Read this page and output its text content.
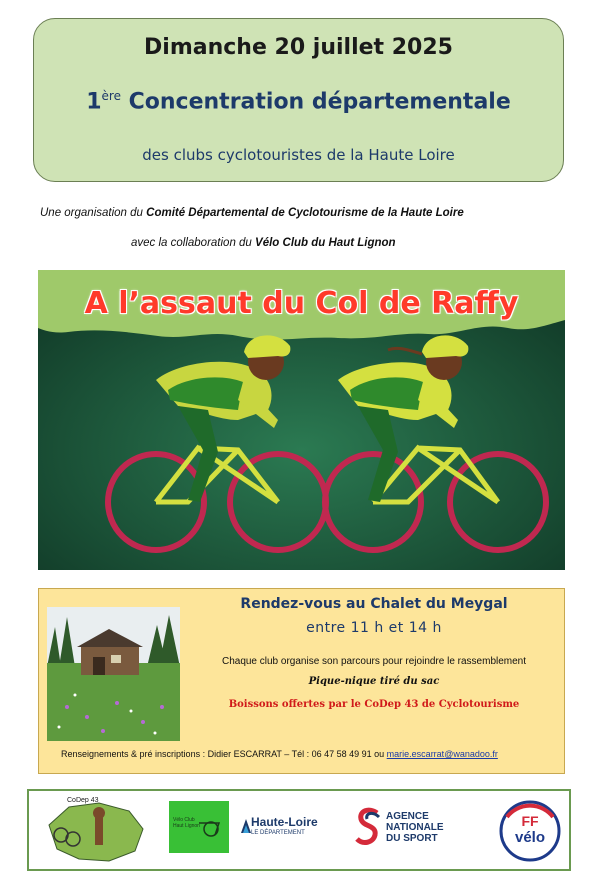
Dimanche 20 juillet 2025
1ère Concentration départementale
des clubs cyclotouristes de la Haute Loire
Une organisation du Comité Départemental de Cyclotourisme de la Haute Loire
avec la collaboration du Vélo Club du Haut Lignon
A l’assaut du Col de Raffy
Rendez-vous au Chalet du Meygal
entre 11 h et 14 h
Chaque club organise son parcours pour rejoindre le rassemblement
Pique-nique tiré du sac
Boissons offertes par le CoDep 43 de Cyclotourisme
Renseignements & pré inscriptions : Didier ESCARRAT – Tél : 06 47 58 49 91 ou marie.escarrat@wanadoo.fr
CoDep 43
Vélo Club Haut Lignon	Haute-Loire
LE DÉPARTEMENT
AGENCE
NATIONALE
DU SPORT
FF
vélo
